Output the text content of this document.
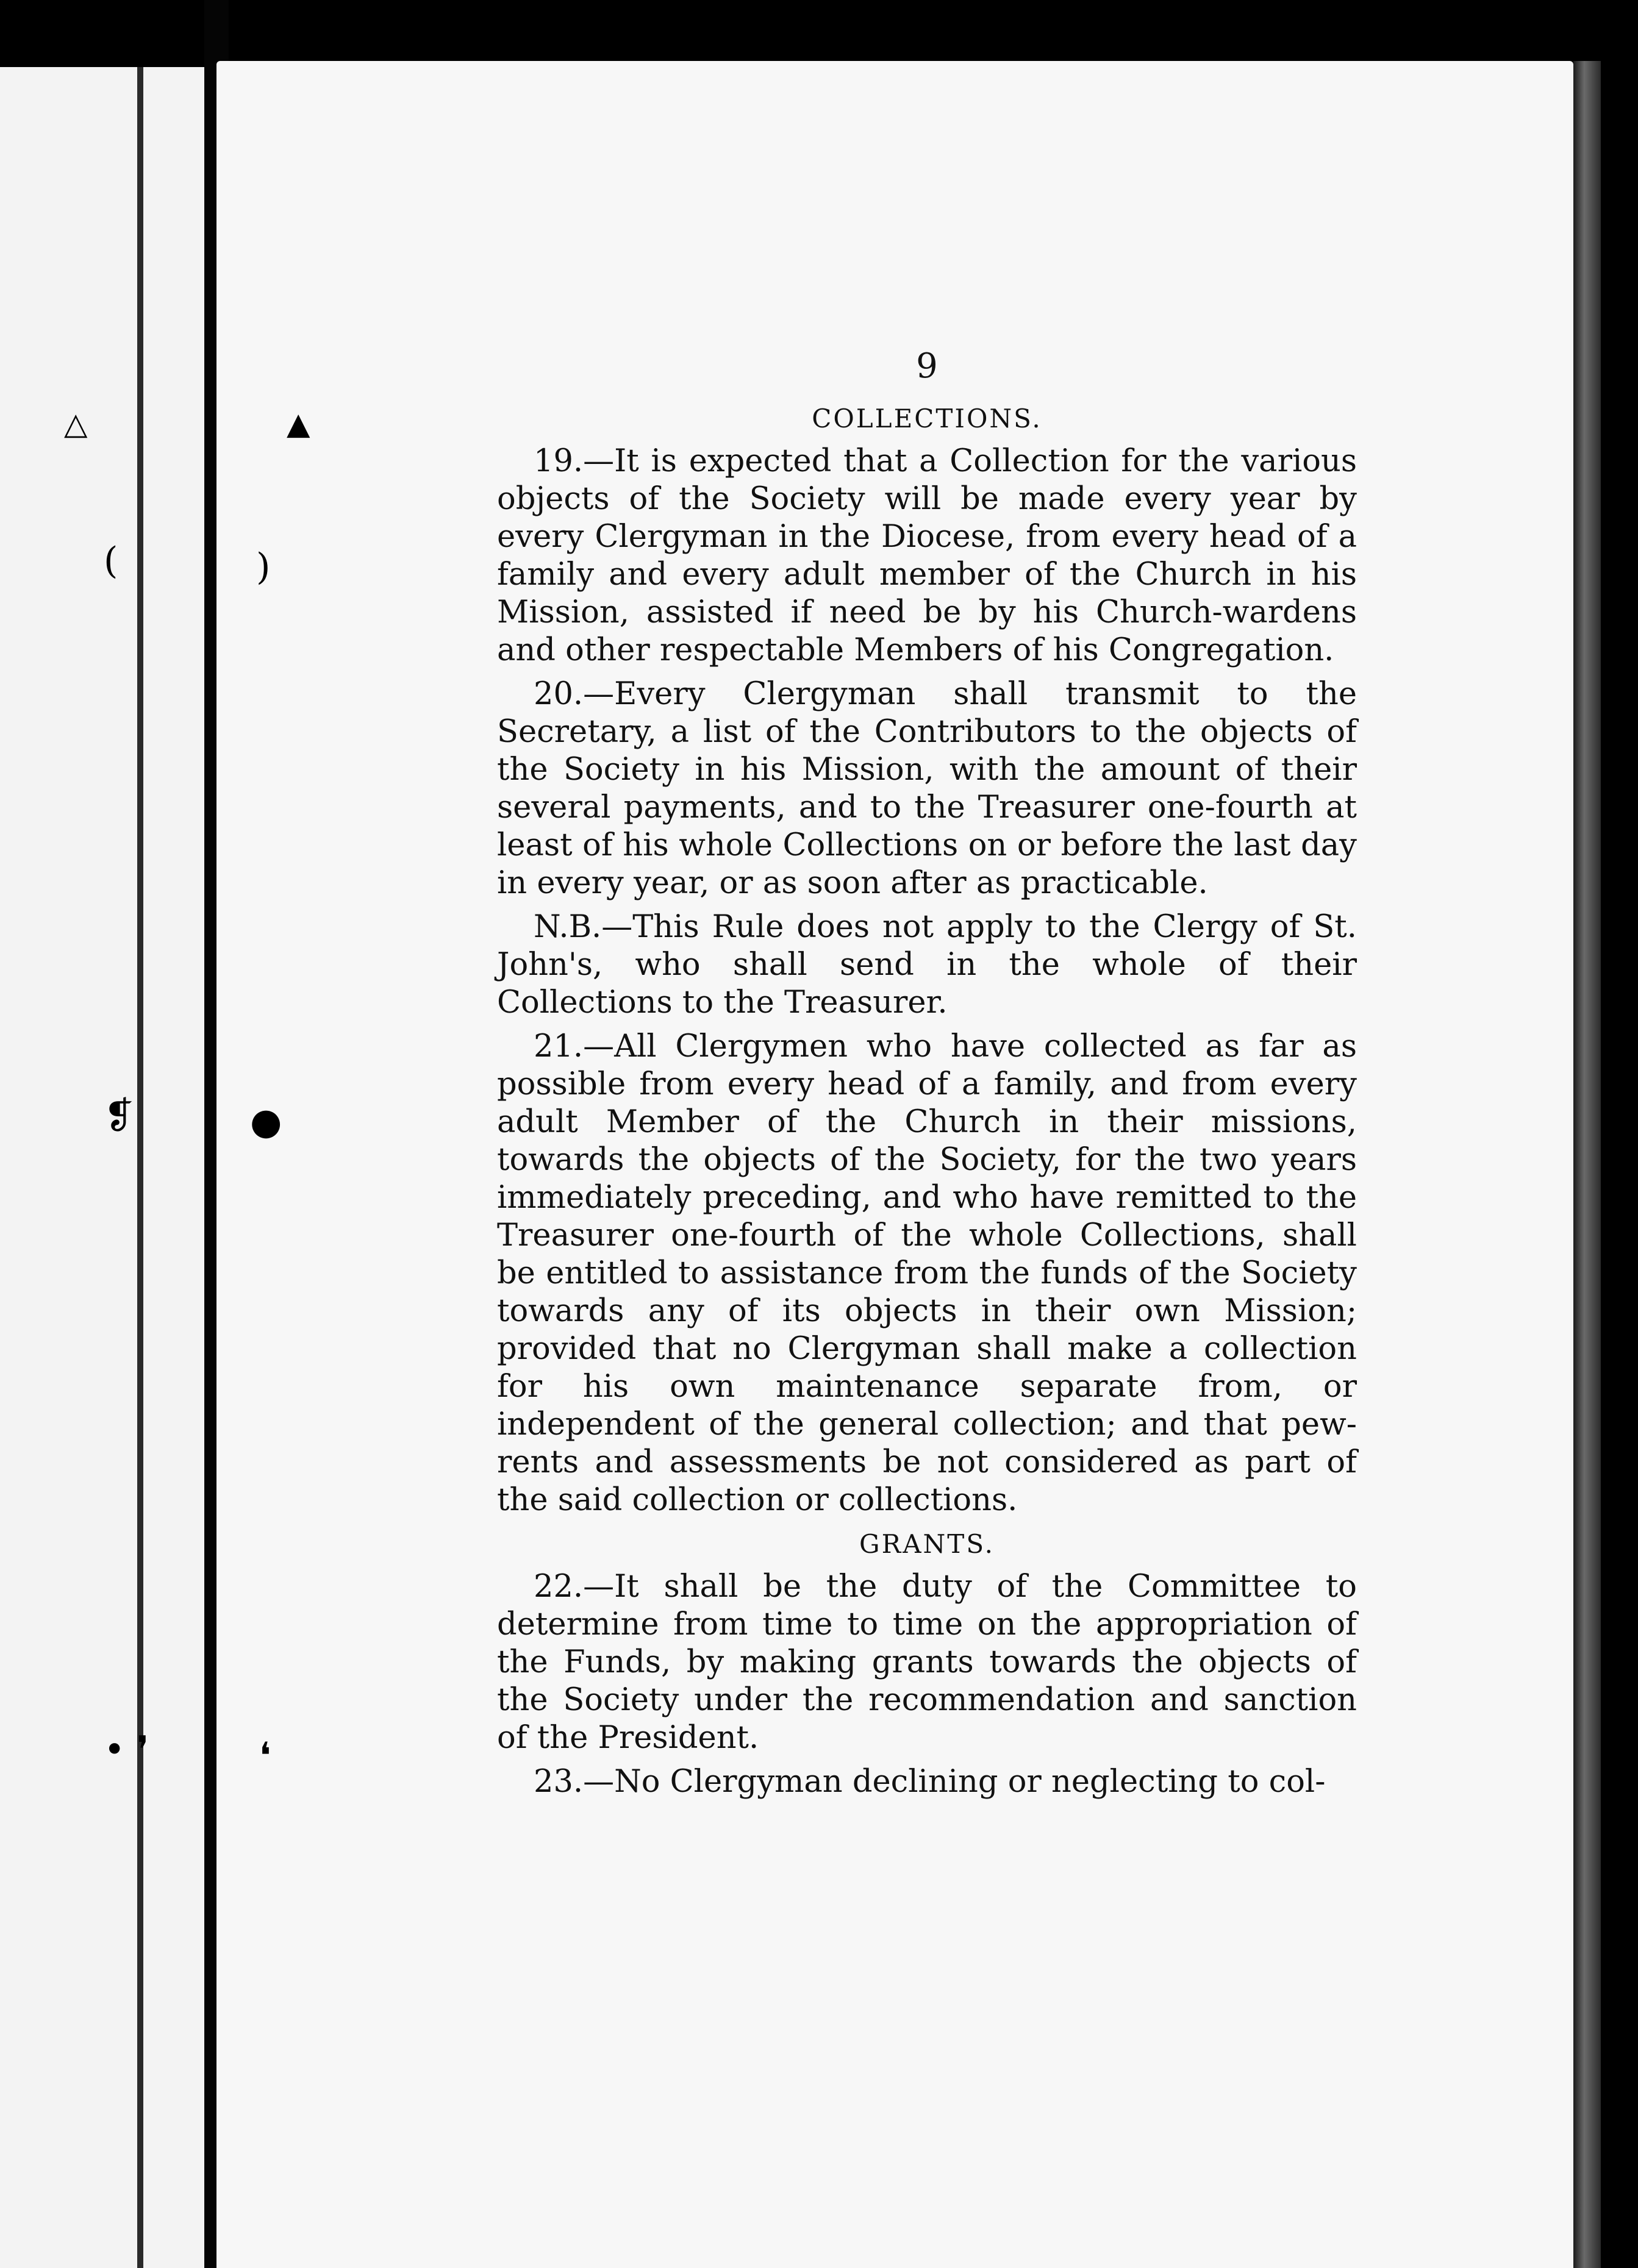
△	▲
(	)
❡	●
• ❜	❛
9
COLLECTIONS.

19.—It is expected that a Collection for the various objects of the Society will be made every year by every Clergyman in the Diocese, from every head of a family and every adult member of the Church in his Mission, assisted if need be by his Church-wardens and other respectable Members of his Congregation.

20.—Every Clergyman shall transmit to the Secretary, a list of the Contributors to the objects of the Society in his Mission, with the amount of their several payments, and to the Treasurer one-fourth at least of his whole Collections on or before the last day in every year, or as soon after as practicable.

N.B.—This Rule does not apply to the Clergy of St. John's, who shall send in the whole of their Collections to the Treasurer.

21.—All Clergymen who have collected as far as possible from every head of a family, and from every adult Member of the Church in their missions, towards the objects of the Society, for the two years immediately preceding, and who have remitted to the Treasurer one-fourth of the whole Collections, shall be entitled to assistance from the funds of the Society towards any of its objects in their own Mission; provided that no Clergyman shall make a collection for his own maintenance separate from, or independent of the general collection; and that pew-rents and assessments be not considered as part of the said collection or collections.

GRANTS.

22.—It shall be the duty of the Committee to determine from time to time on the appropriation of the Funds, by making grants towards the objects of the Society under the recommendation and sanction of the President.

23.—No Clergyman declining or neglecting to col-
